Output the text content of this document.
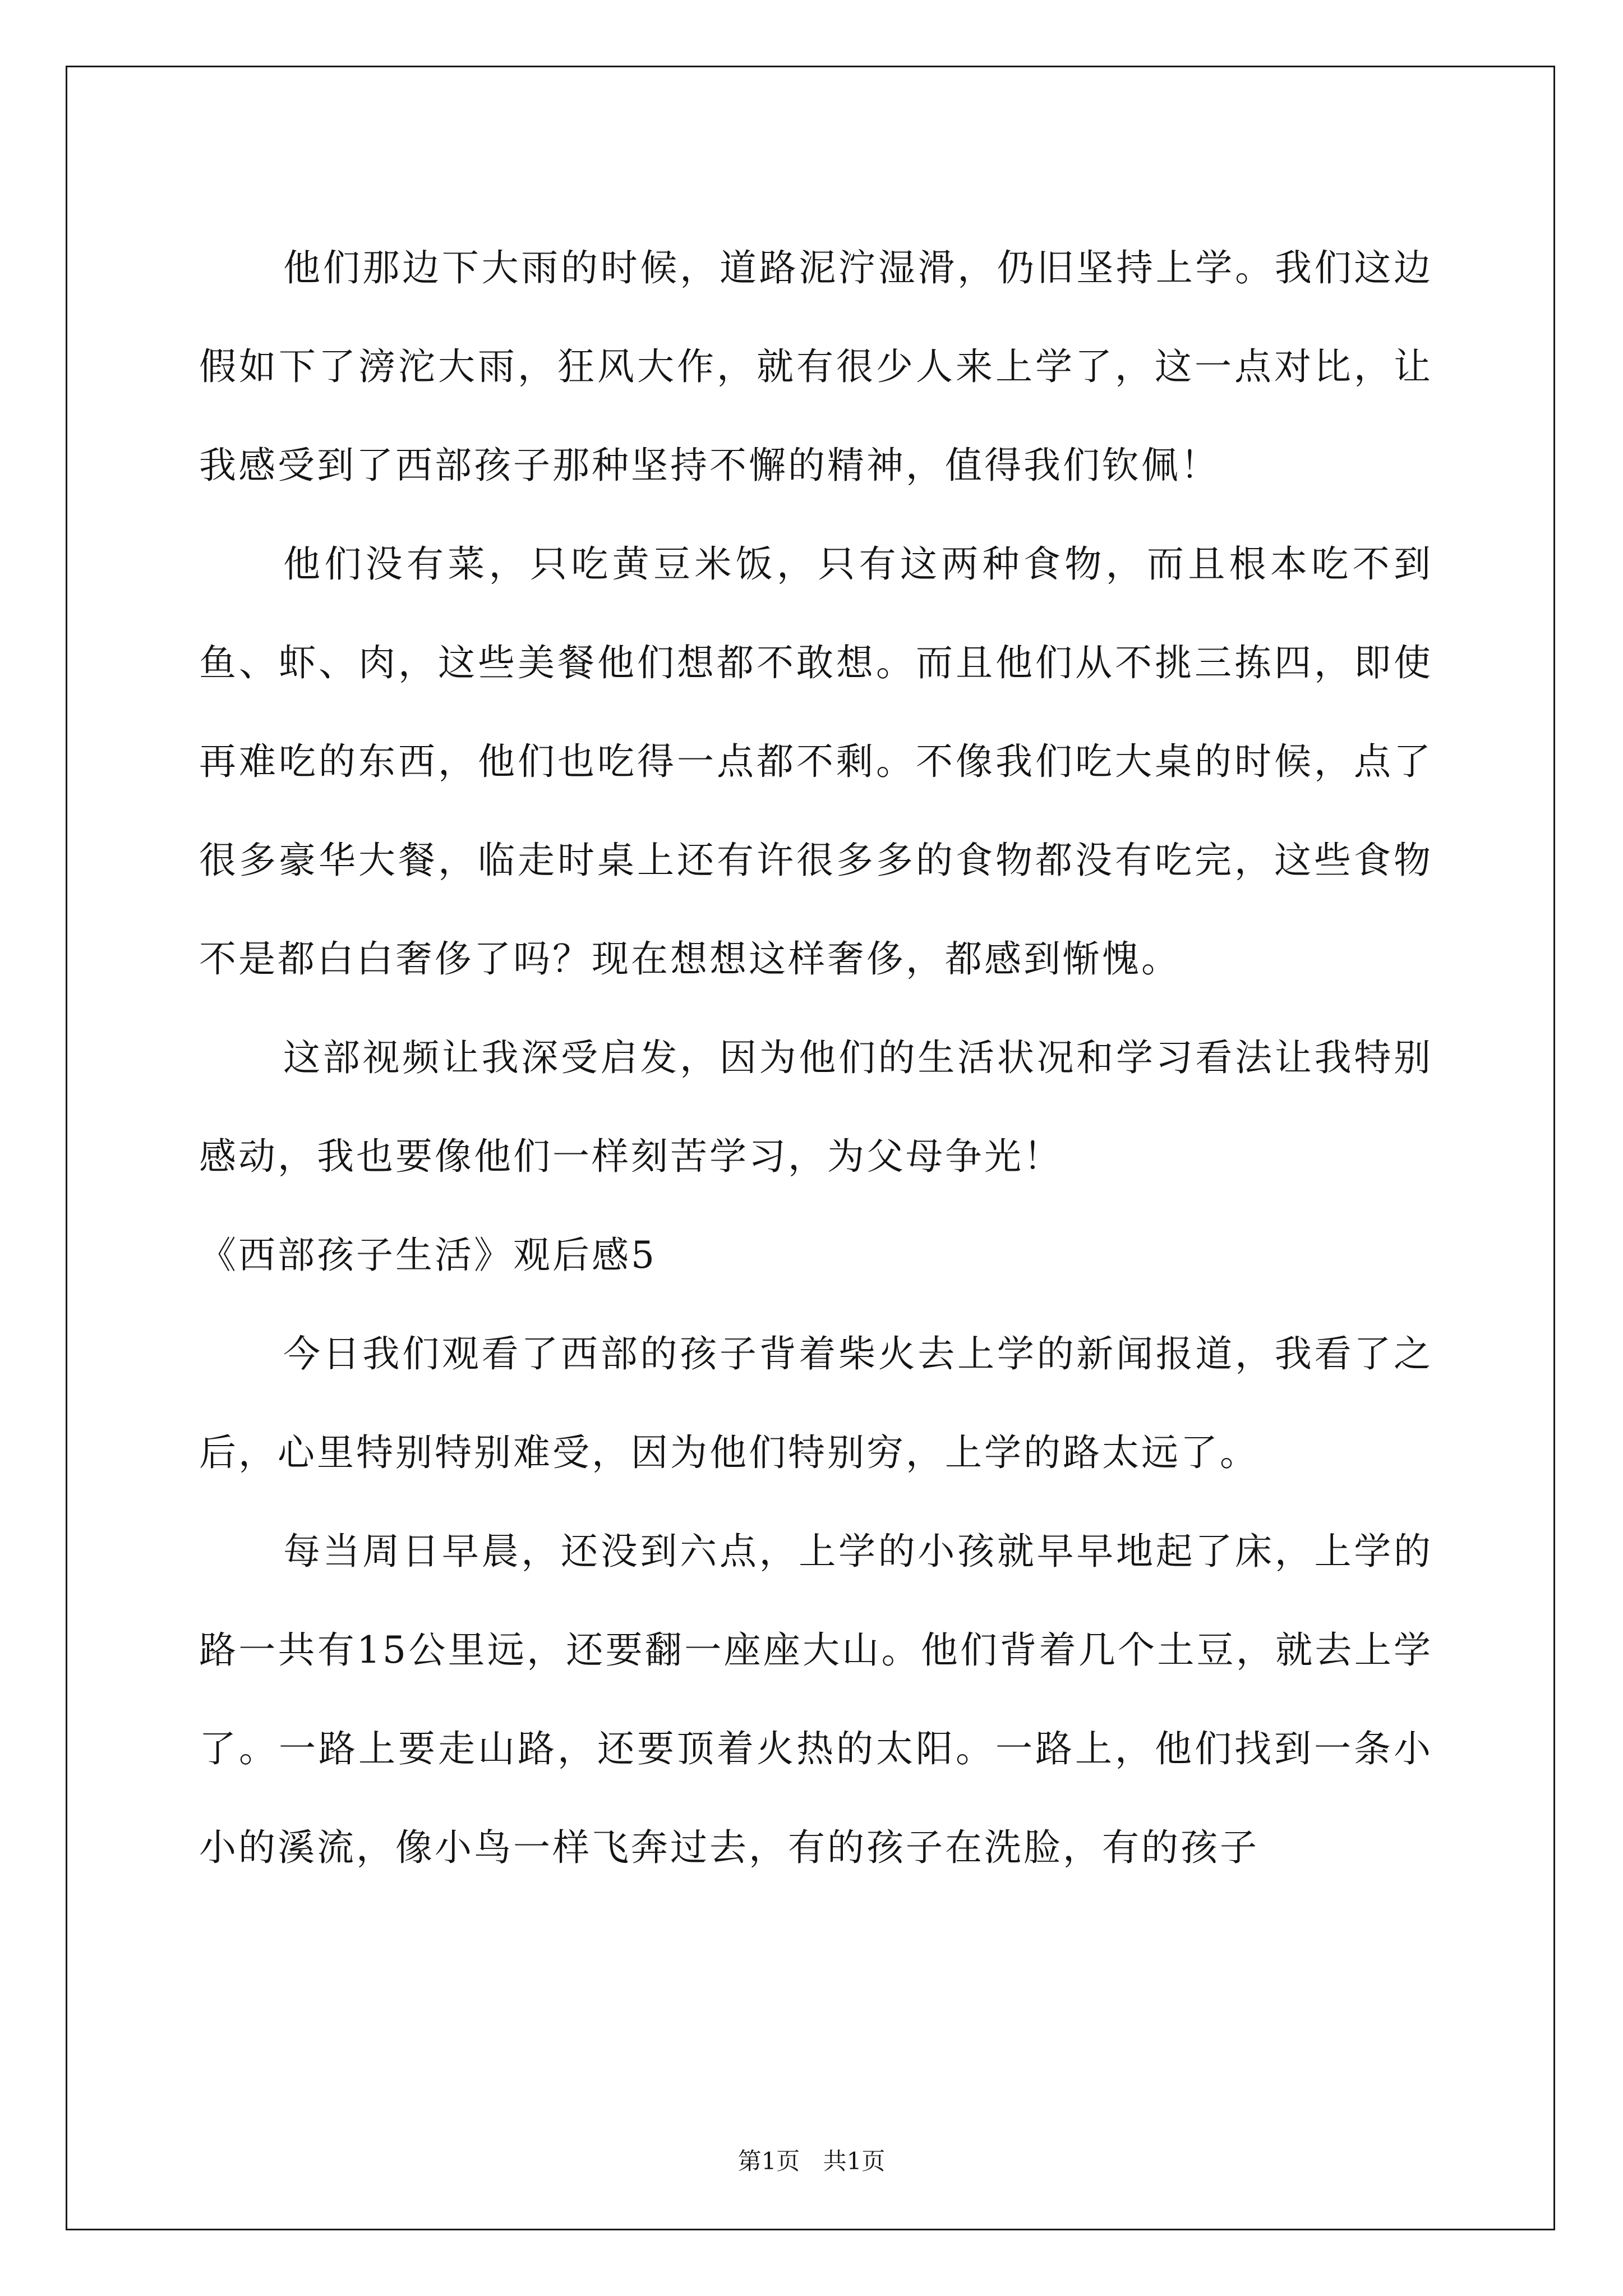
他们那边下大雨的时候，道路泥泞湿滑，仍旧坚持上学。我们这边假如下了滂沱大雨，狂风大作，就有很少人来上学了，这一点对比，让我感受到了西部孩子那种坚持不懈的精神，值得我们钦佩！

他们没有菜，只吃黄豆米饭，只有这两种食物，而且根本吃不到鱼、虾、肉，这些美餐他们想都不敢想。而且他们从不挑三拣四，即使再难吃的东西，他们也吃得一点都不剩。不像我们吃大桌的时候，点了很多豪华大餐，临走时桌上还有许很多多的食物都没有吃完，这些食物不是都白白奢侈了吗？现在想想这样奢侈，都感到惭愧。

这部视频让我深受启发，因为他们的生活状况和学习看法让我特别感动，我也要像他们一样刻苦学习，为父母争光！

《西部孩子生活》观后感5

今日我们观看了西部的孩子背着柴火去上学的新闻报道，我看了之后，心里特别特别难受，因为他们特别穷，上学的路太远了。

每当周日早晨，还没到六点，上学的小孩就早早地起了床，上学的路一共有15公里远，还要翻一座座大山。他们背着几个土豆，就去上学了。一路上要走山路，还要顶着火热的太阳。一路上，他们找到一条小小的溪流，像小鸟一样飞奔过去，有的孩子在洗脸，有的孩子

第1页 共1页
